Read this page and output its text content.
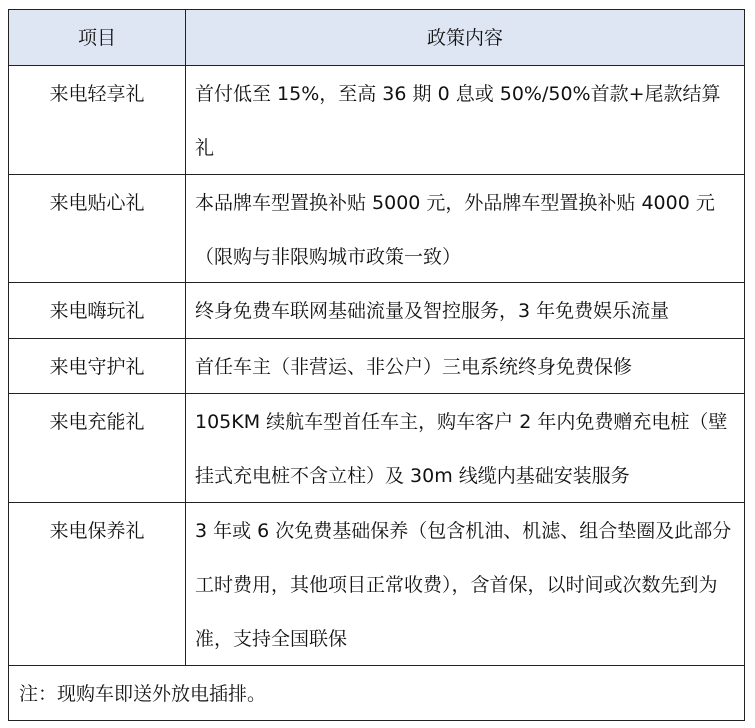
项目	政策内容
来电轻享礼	首付低至 15%，至高 36 期 0 息或 50%/50%首款+尾款结算礼
来电贴心礼	本品牌车型置换补贴 5000 元，外品牌车型置换补贴 4000 元（限购与非限购城市政策一致）
来电嗨玩礼	终身免费车联网基础流量及智控服务，3 年免费娱乐流量
来电守护礼	首任车主（非营运、非公户）三电系统终身免费保修
来电充能礼	105KM 续航车型首任车主，购车客户 2 年内免费赠充电桩（壁挂式充电桩不含立柱）及 30m 线缆内基础安装服务
来电保养礼	3 年或 6 次免费基础保养（包含机油、机滤、组合垫圈及此部分工时费用，其他项目正常收费），含首保，以时间或次数先到为准，支持全国联保
注：现购车即送外放电插排。
